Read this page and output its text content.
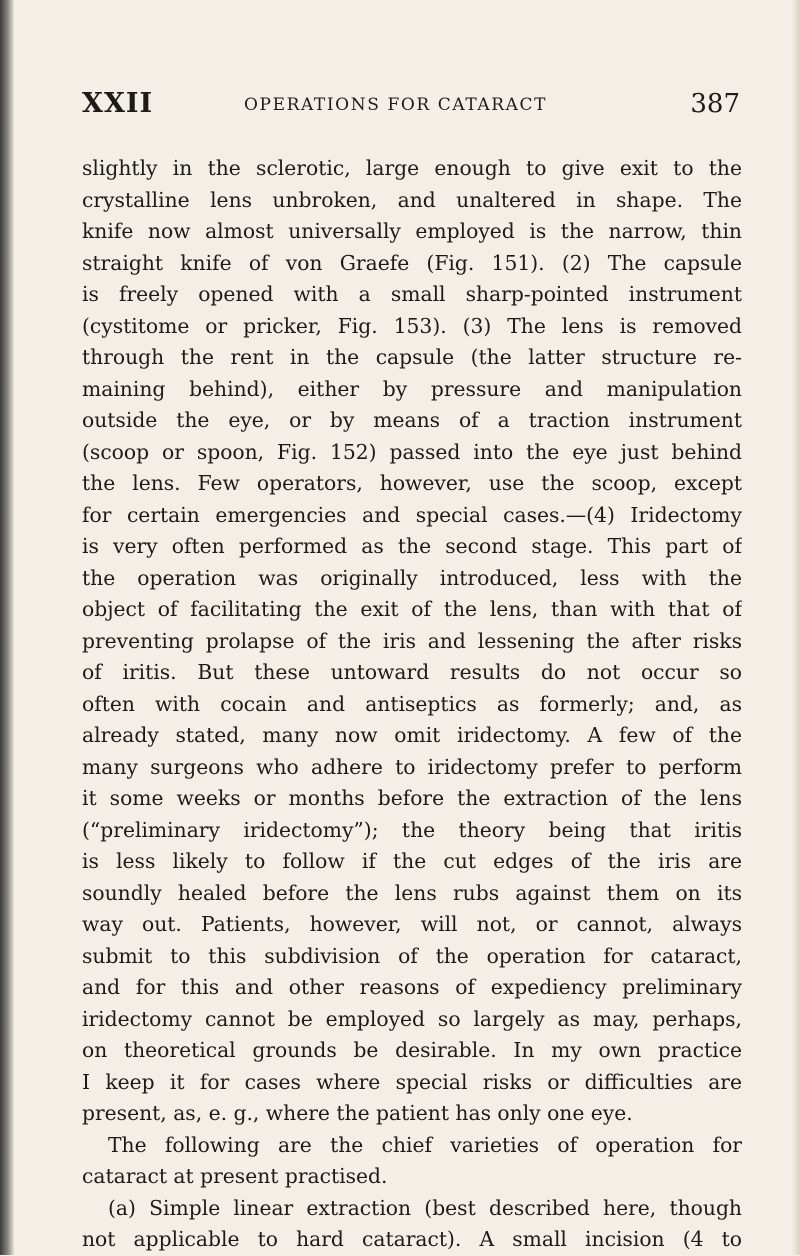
XXII	OPERATIONS FOR CATARACT	387
slightly in the sclerotic, large enough to give exit to the
crystalline lens unbroken, and unaltered in shape. The
knife now almost universally employed is the narrow, thin
straight knife of von Graefe (Fig. 151). (2) The capsule
is freely opened with a small sharp-pointed instrument
(cystitome or pricker, Fig. 153). (3) The lens is removed
through the rent in the capsule (the latter structure re-
maining behind), either by pressure and manipulation
outside the eye, or by means of a traction instrument
(scoop or spoon, Fig. 152) passed into the eye just behind
the lens. Few operators, however, use the scoop, except
for certain emergencies and special cases.—(4) Iridectomy
is very often performed as the second stage. This part of
the operation was originally introduced, less with the
object of facilitating the exit of the lens, than with that of
preventing prolapse of the iris and lessening the after risks
of iritis. But these untoward results do not occur so
often with cocain and antiseptics as formerly; and, as
already stated, many now omit iridectomy. A few of the
many surgeons who adhere to iridectomy prefer to perform
it some weeks or months before the extraction of the lens
(“preliminary iridectomy”); the theory being that iritis
is less likely to follow if the cut edges of the iris are
soundly healed before the lens rubs against them on its
way out. Patients, however, will not, or cannot, always
submit to this subdivision of the operation for cataract,
and for this and other reasons of expediency preliminary
iridectomy cannot be employed so largely as may, perhaps,
on theoretical grounds be desirable. In my own practice
I keep it for cases where special risks or difficulties are
present, as, e. g., where the patient has only one eye.
The following are the chief varieties of operation for
cataract at present practised.
(a) Simple linear extraction (best described here, though
not applicable to hard cataract). A small incision (4 to
